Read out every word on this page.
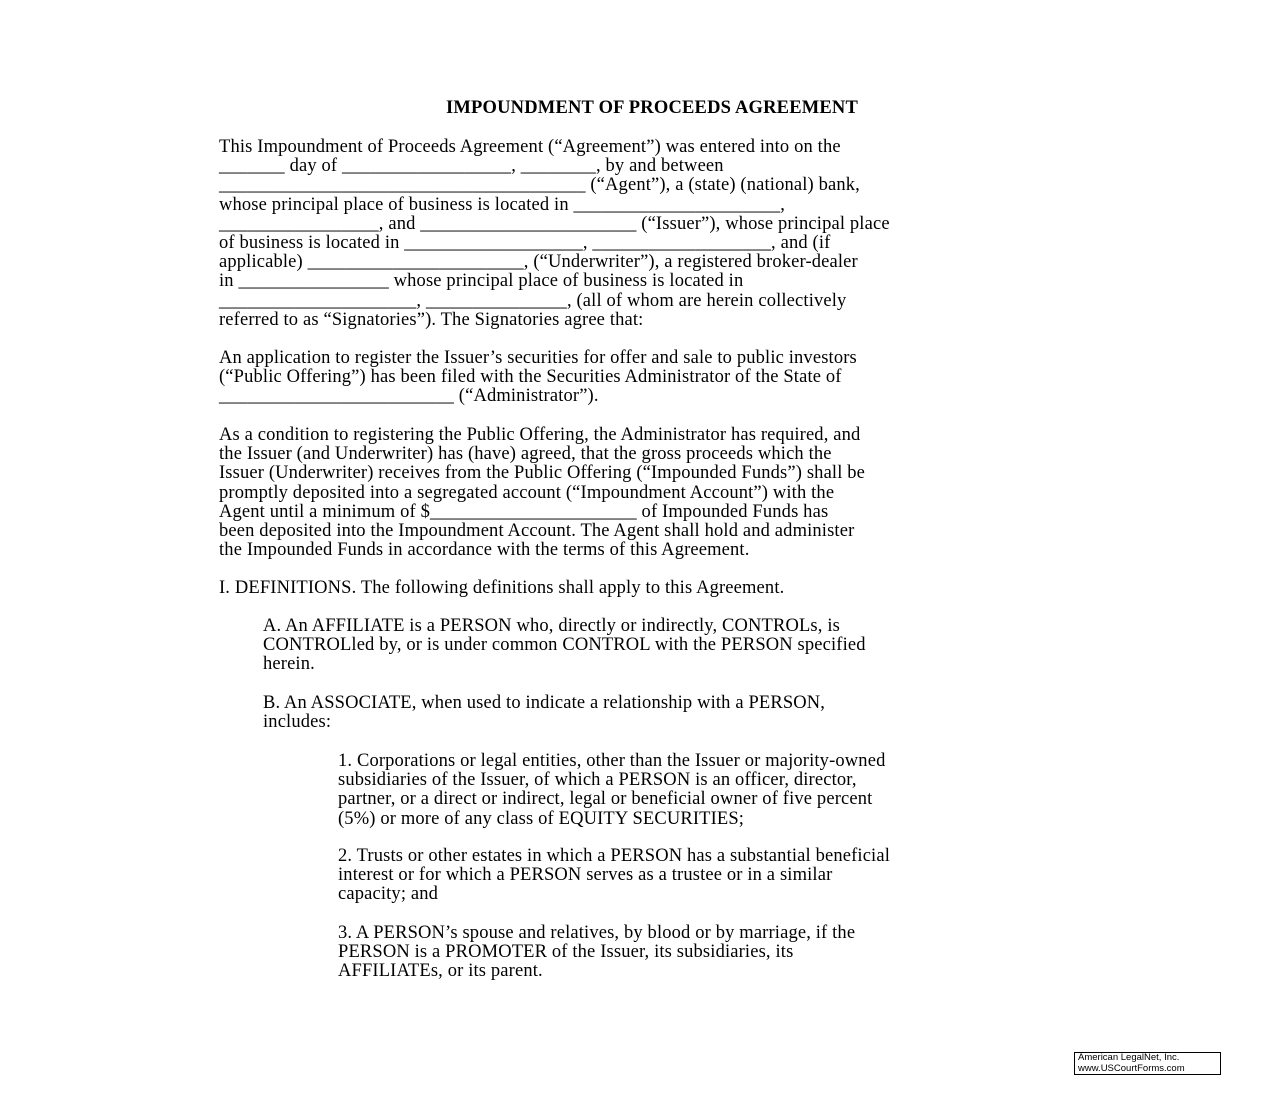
IMPOUNDMENT OF PROCEEDS AGREEMENT
This Impoundment of Proceeds Agreement (“Agreement”) was entered into on the
_______ day of __________________, ________, by and between
_______________________________________ (“Agent”), a (state) (national) bank,
whose principal place of business is located in ______________________,
_________________, and _______________________ (“Issuer”), whose principal place
of business is located in ___________________, ___________________, and (if
applicable) _______________________, (“Underwriter”), a registered broker-dealer
in ________________ whose principal place of business is located in
_____________________, _______________, (all of whom are herein collectively
referred to as “Signatories”). The Signatories agree that:
An application to register the Issuer’s securities for offer and sale to public investors
(“Public Offering”) has been filed with the Securities Administrator of the State of
_________________________ (“Administrator”).
As a condition to registering the Public Offering, the Administrator has required, and
the Issuer (and Underwriter) has (have) agreed, that the gross proceeds which the
Issuer (Underwriter) receives from the Public Offering (“Impounded Funds”) shall be
promptly deposited into a segregated account (“Impoundment Account”) with the
Agent until a minimum of $______________________ of Impounded Funds has
been deposited into the Impoundment Account. The Agent shall hold and administer
the Impounded Funds in accordance with the terms of this Agreement.
I. DEFINITIONS. The following definitions shall apply to this Agreement.
A. An AFFILIATE is a PERSON who, directly or indirectly, CONTROLs, is
CONTROLled by, or is under common CONTROL with the PERSON specified
herein.
B. An ASSOCIATE, when used to indicate a relationship with a PERSON,
includes:
1. Corporations or legal entities, other than the Issuer or majority-owned
subsidiaries of the Issuer, of which a PERSON is an officer, director,
partner, or a direct or indirect, legal or beneficial owner of five percent
(5%) or more of any class of EQUITY SECURITIES;
2. Trusts or other estates in which a PERSON has a substantial beneficial
interest or for which a PERSON serves as a trustee or in a similar
capacity; and
3. A PERSON’s spouse and relatives, by blood or by marriage, if the
PERSON is a PROMOTER of the Issuer, its subsidiaries, its
AFFILIATEs, or its parent.
American LegalNet, Inc.
www.USCourtForms.com
